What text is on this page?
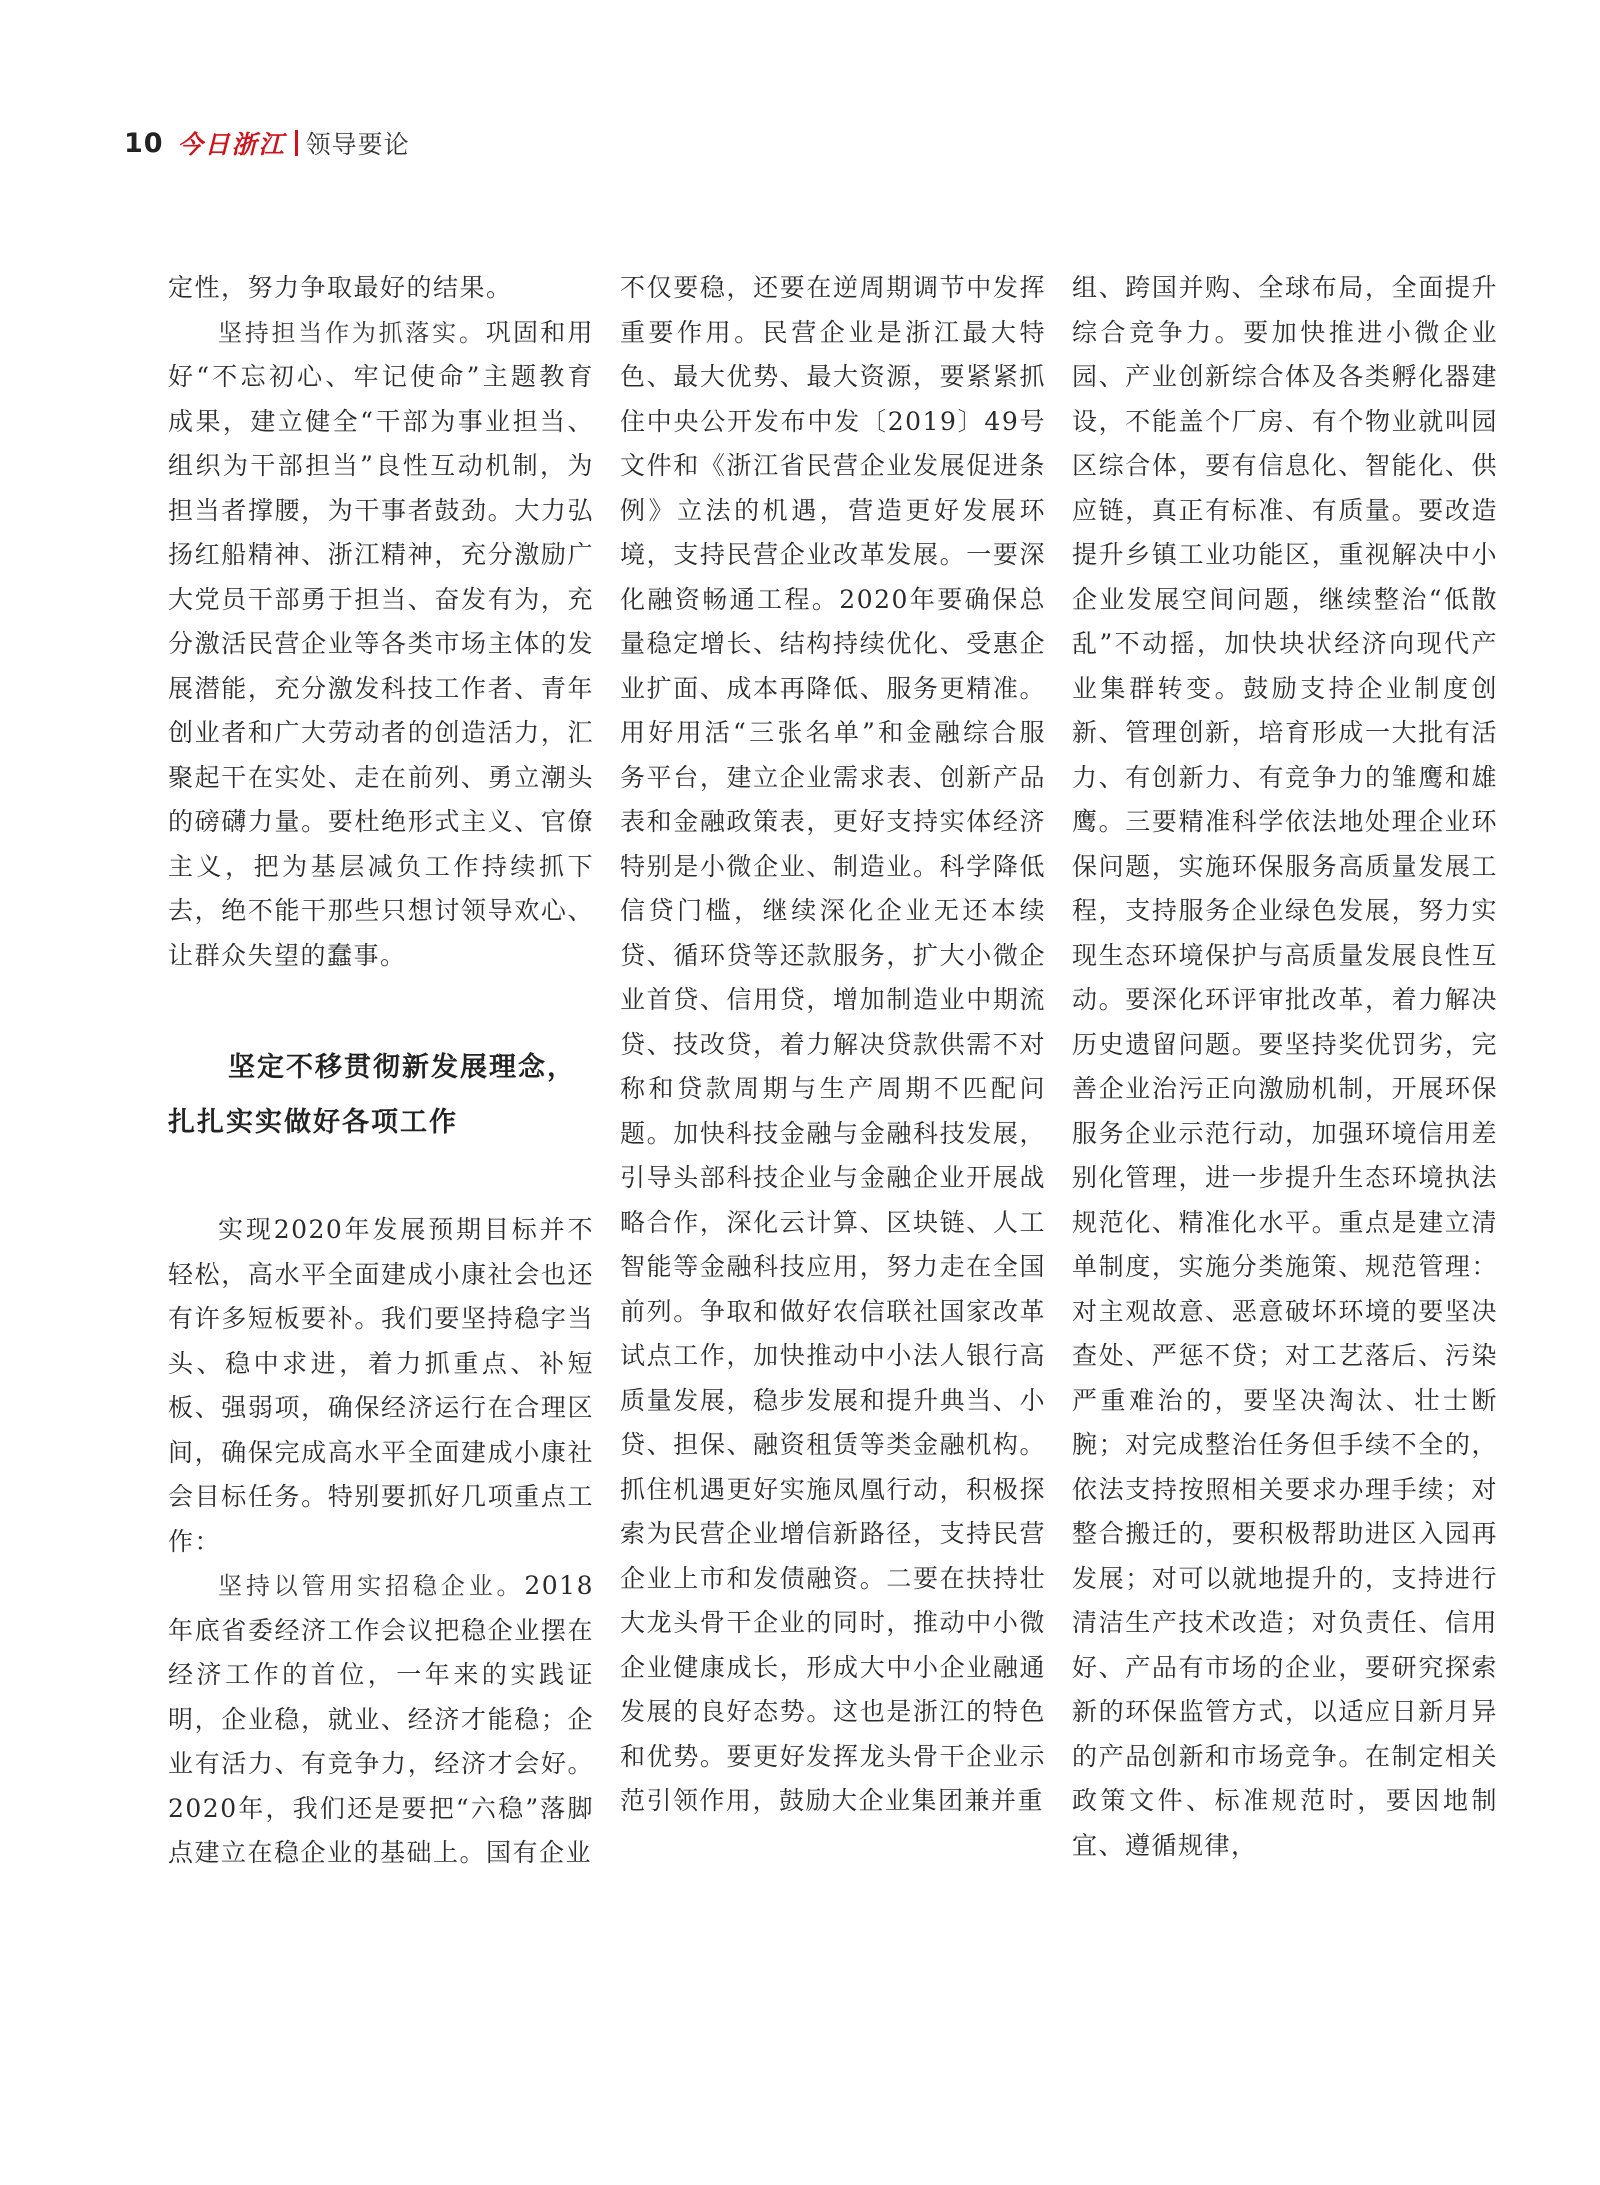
10 今日浙江 领导要论

定性，努力争取最好的结果。

坚持担当作为抓落实。巩固和用好“不忘初心、牢记使命”主题教育成果，建立健全“干部为事业担当、组织为干部担当”良性互动机制，为担当者撑腰，为干事者鼓劲。大力弘扬红船精神、浙江精神，充分激励广大党员干部勇于担当、奋发有为，充分激活民营企业等各类市场主体的发展潜能，充分激发科技工作者、青年创业者和广大劳动者的创造活力，汇聚起干在实处、走在前列、勇立潮头的磅礴力量。要杜绝形式主义、官僚主义，把为基层减负工作持续抓下去，绝不能干那些只想讨领导欢心、让群众失望的蠢事。

坚定不移贯彻新发展理念，
扎扎实实做好各项工作

实现2020年发展预期目标并不轻松，高水平全面建成小康社会也还有许多短板要补。我们要坚持稳字当头、稳中求进，着力抓重点、补短板、强弱项，确保经济运行在合理区间，确保完成高水平全面建成小康社会目标任务。特别要抓好几项重点工作：

坚持以管用实招稳企业。2018年底省委经济工作会议把稳企业摆在经济工作的首位，一年来的实践证明，企业稳，就业、经济才能稳；企业有活力、有竞争力，经济才会好。2020年，我们还是要把“六稳”落脚点建立在稳企业的基础上。国有企业

不仅要稳，还要在逆周期调节中发挥重要作用。民营企业是浙江最大特色、最大优势、最大资源，要紧紧抓住中央公开发布中发〔2019〕49号文件和《浙江省民营企业发展促进条例》立法的机遇，营造更好发展环境，支持民营企业改革发展。一要深化融资畅通工程。2020年要确保总量稳定增长、结构持续优化、受惠企业扩面、成本再降低、服务更精准。用好用活“三张名单”和金融综合服务平台，建立企业需求表、创新产品表和金融政策表，更好支持实体经济特别是小微企业、制造业。科学降低信贷门槛，继续深化企业无还本续贷、循环贷等还款服务，扩大小微企业首贷、信用贷，增加制造业中期流贷、技改贷，着力解决贷款供需不对称和贷款周期与生产周期不匹配问题。加快科技金融与金融科技发展，引导头部科技企业与金融企业开展战略合作，深化云计算、区块链、人工智能等金融科技应用，努力走在全国前列。争取和做好农信联社国家改革试点工作，加快推动中小法人银行高质量发展，稳步发展和提升典当、小贷、担保、融资租赁等类金融机构。抓住机遇更好实施凤凰行动，积极探索为民营企业增信新路径，支持民营企业上市和发债融资。二要在扶持壮大龙头骨干企业的同时，推动中小微企业健康成长，形成大中小企业融通发展的良好态势。这也是浙江的特色和优势。要更好发挥龙头骨干企业示范引领作用，鼓励大企业集团兼并重

组、跨国并购、全球布局，全面提升综合竞争力。要加快推进小微企业园、产业创新综合体及各类孵化器建设，不能盖个厂房、有个物业就叫园区综合体，要有信息化、智能化、供应链，真正有标准、有质量。要改造提升乡镇工业功能区，重视解决中小企业发展空间问题，继续整治“低散乱”不动摇，加快块状经济向现代产业集群转变。鼓励支持企业制度创新、管理创新，培育形成一大批有活力、有创新力、有竞争力的雏鹰和雄鹰。三要精准科学依法地处理企业环保问题，实施环保服务高质量发展工程，支持服务企业绿色发展，努力实现生态环境保护与高质量发展良性互动。要深化环评审批改革，着力解决历史遗留问题。要坚持奖优罚劣，完善企业治污正向激励机制，开展环保服务企业示范行动，加强环境信用差别化管理，进一步提升生态环境执法规范化、精准化水平。重点是建立清单制度，实施分类施策、规范管理：对主观故意、恶意破坏环境的要坚决查处、严惩不贷；对工艺落后、污染严重难治的，要坚决淘汰、壮士断腕；对完成整治任务但手续不全的，依法支持按照相关要求办理手续；对整合搬迁的，要积极帮助进区入园再发展；对可以就地提升的，支持进行清洁生产技术改造；对负责任、信用好、产品有市场的企业，要研究探索新的环保监管方式，以适应日新月异的产品创新和市场竞争。在制定相关政策文件、标准规范时，要因地制宜、遵循规律，
